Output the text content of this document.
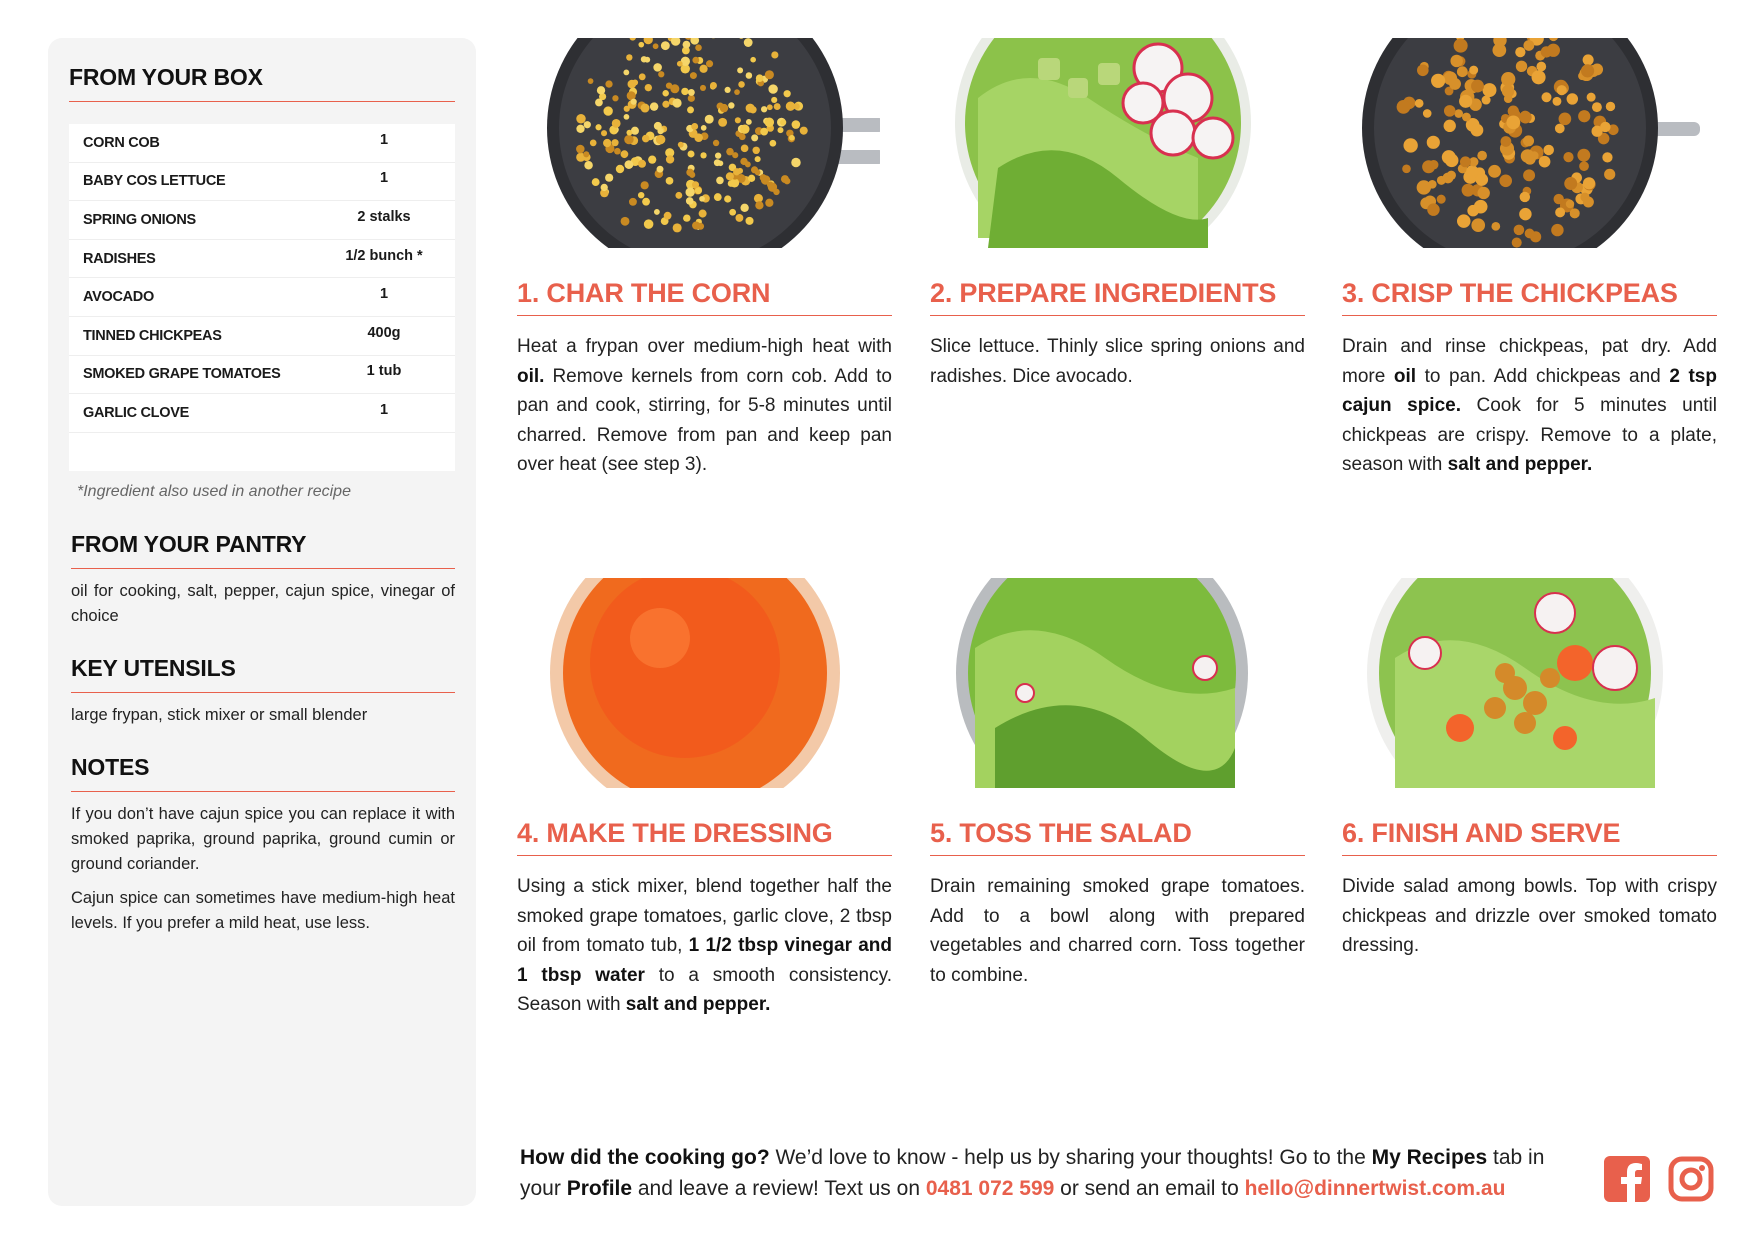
FROM YOUR BOX
CORN COB	1
BABY COS LETTUCE	1
SPRING ONIONS	2 stalks
RADISHES	1/2 bunch *
AVOCADO	1
TINNED CHICKPEAS	400g
SMOKED GRAPE TOMATOES	1 tub
GARLIC CLOVE	1
*Ingredient also used in another recipe
FROM YOUR PANTRY
oil for cooking, salt, pepper, cajun spice, vinegar of choice
KEY UTENSILS
large frypan, stick mixer or small blender
NOTES
If you don’t have cajun spice you can replace it with smoked paprika, ground paprika, ground cumin or ground coriander.
Cajun spice can sometimes have medium-high heat levels. If you prefer a mild heat, use less.
1. CHAR THE CORN
Heat a frypan over medium-high heat with oil. Remove kernels from corn cob. Add to pan and cook, stirring, for 5-8 minutes until charred. Remove from pan and keep pan over heat (see step 3).
2. PREPARE INGREDIENTS
Slice lettuce. Thinly slice spring onions and radishes. Dice avocado.
3. CRISP THE CHICKPEAS
Drain and rinse chickpeas, pat dry. Add more oil to pan. Add chickpeas and 2 tsp cajun spice. Cook for 5 minutes until chickpeas are crispy. Remove to a plate, season with salt and pepper.
4. MAKE THE DRESSING
Using a stick mixer, blend together half the smoked grape tomatoes, garlic clove, 2 tbsp oil from tomato tub, 1 1/2 tbsp vinegar and 1 tbsp water to a smooth consistency. Season with salt and pepper.
5. TOSS THE SALAD
Drain remaining smoked grape tomatoes. Add to a bowl along with prepared vegetables and charred corn. Toss together to combine.
6. FINISH AND SERVE
Divide salad among bowls. Top with crispy chickpeas and drizzle over smoked tomato dressing.
How did the cooking go? We’d love to know - help us by sharing your thoughts! Go to the My Recipes tab in your Profile and leave a review! Text us on 0481 072 599 or send an email to hello@dinnertwist.com.au
